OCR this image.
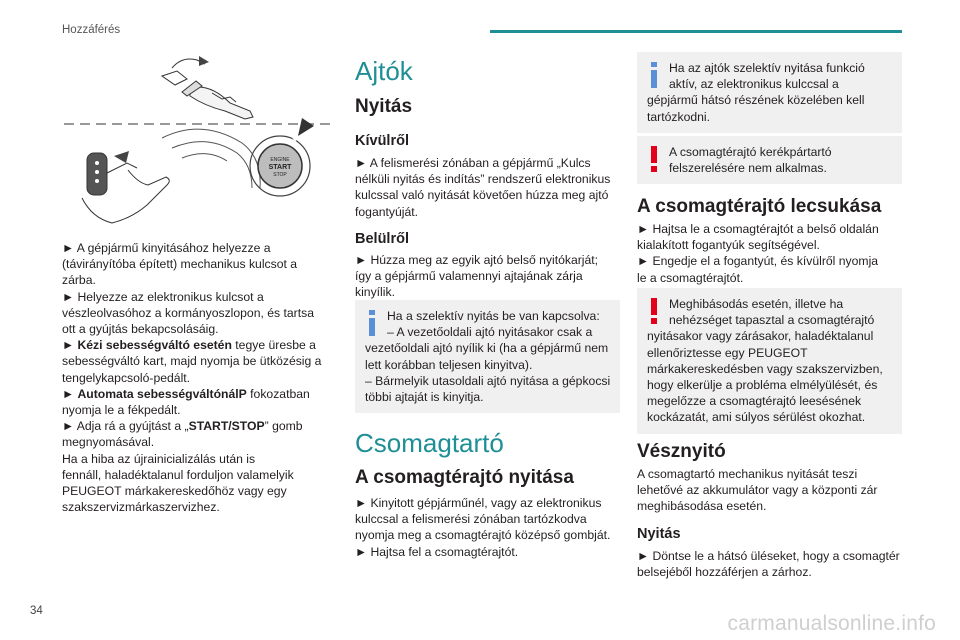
Hozzáférés
ENGINE
START
STOP

► A gépjármű kinyitásához helyezze a

(távirányítóba épített) mechanikus kulcsot a

zárba.

► Helyezze az elektronikus kulcsot a

vészleolvasóhoz a kormányoszlopon, és tartsa

ott a gyújtás bekapcsolásáig.

► Kézi sebességváltó esetén tegye üresbe a

sebességváltó kart, majd nyomja be ütközésig a

tengelykapcsoló-pedált.

► Automata sebességváltónálP fokozatban

nyomja le a fékpedált.

► Adja rá a gyújtást a „START/STOP” gomb

megnyomásával.

Ha a hiba az újrainicializálás után is

fennáll, haladéktalanul forduljon valamelyik

PEUGEOT márkakereskedőhöz vagy egy

szakszervizmárkaszervizhez.

Ajtók
Nyitás
Kívülről

► A felismerési zónában a gépjármű „Kulcs

nélküli nyitás és indítás” rendszerű elektronikus

kulcssal való nyitását követően húzza meg ajtó

fogantyúját.

Belülről

► Húzza meg az egyik ajtó belső nyitókarját;

így a gépjármű valamennyi ajtajának zárja

kinyílik.

Ha a szelektív nyitás be van kapcsolva:

– A vezetőoldali ajtó nyitásakor csak a

vezetőoldali ajtó nyílik ki (ha a gépjármű nem

lett korábban teljesen kinyitva).

– Bármelyik utasoldali ajtó nyitása a gépkocsi

többi ajtaját is kinyitja.

Csomagtartó
A csomagtérajtó nyitása

► Kinyitott gépjárműnél, vagy az elektronikus

kulccsal a felismerési zónában tartózkodva

nyomja meg a csomagtérajtó középső gombját.

► Hajtsa fel a csomagtérajtót.

Ha az ajtók szelektív nyitása funkció

aktív, az elektronikus kulccsal a

gépjármű hátsó részének közelében kell

tartózkodni.

A csomagtérajtó kerékpártartó

felszerelésére nem alkalmas.

A csomagtérajtó lecsukása

► Hajtsa le a csomagtérajtót a belső oldalán

kialakított fogantyúk segítségével.

► Engedje el a fogantyút, és kívülről nyomja

le a csomagtérajtót.

Meghibásodás esetén, illetve ha

nehézséget tapasztal a csomagtérajtó

nyitásakor vagy zárásakor, haladéktalanul

ellenőriztesse egy PEUGEOT

márkakereskedésben vagy szakszervizben,

hogy elkerülje a probléma elmélyülését, és

megelőzze a csomagtérajtó leesésének

kockázatát, ami súlyos sérülést okozhat.

Vésznyitó

A csomagtartó mechanikus nyitását teszi

lehetővé az akkumulátor vagy a központi zár

meghibásodása esetén.

Nyitás

► Döntse le a hátsó üléseket, hogy a csomagtér

belsejéből hozzáférjen a zárhoz.

34
carmanualsonline.info
